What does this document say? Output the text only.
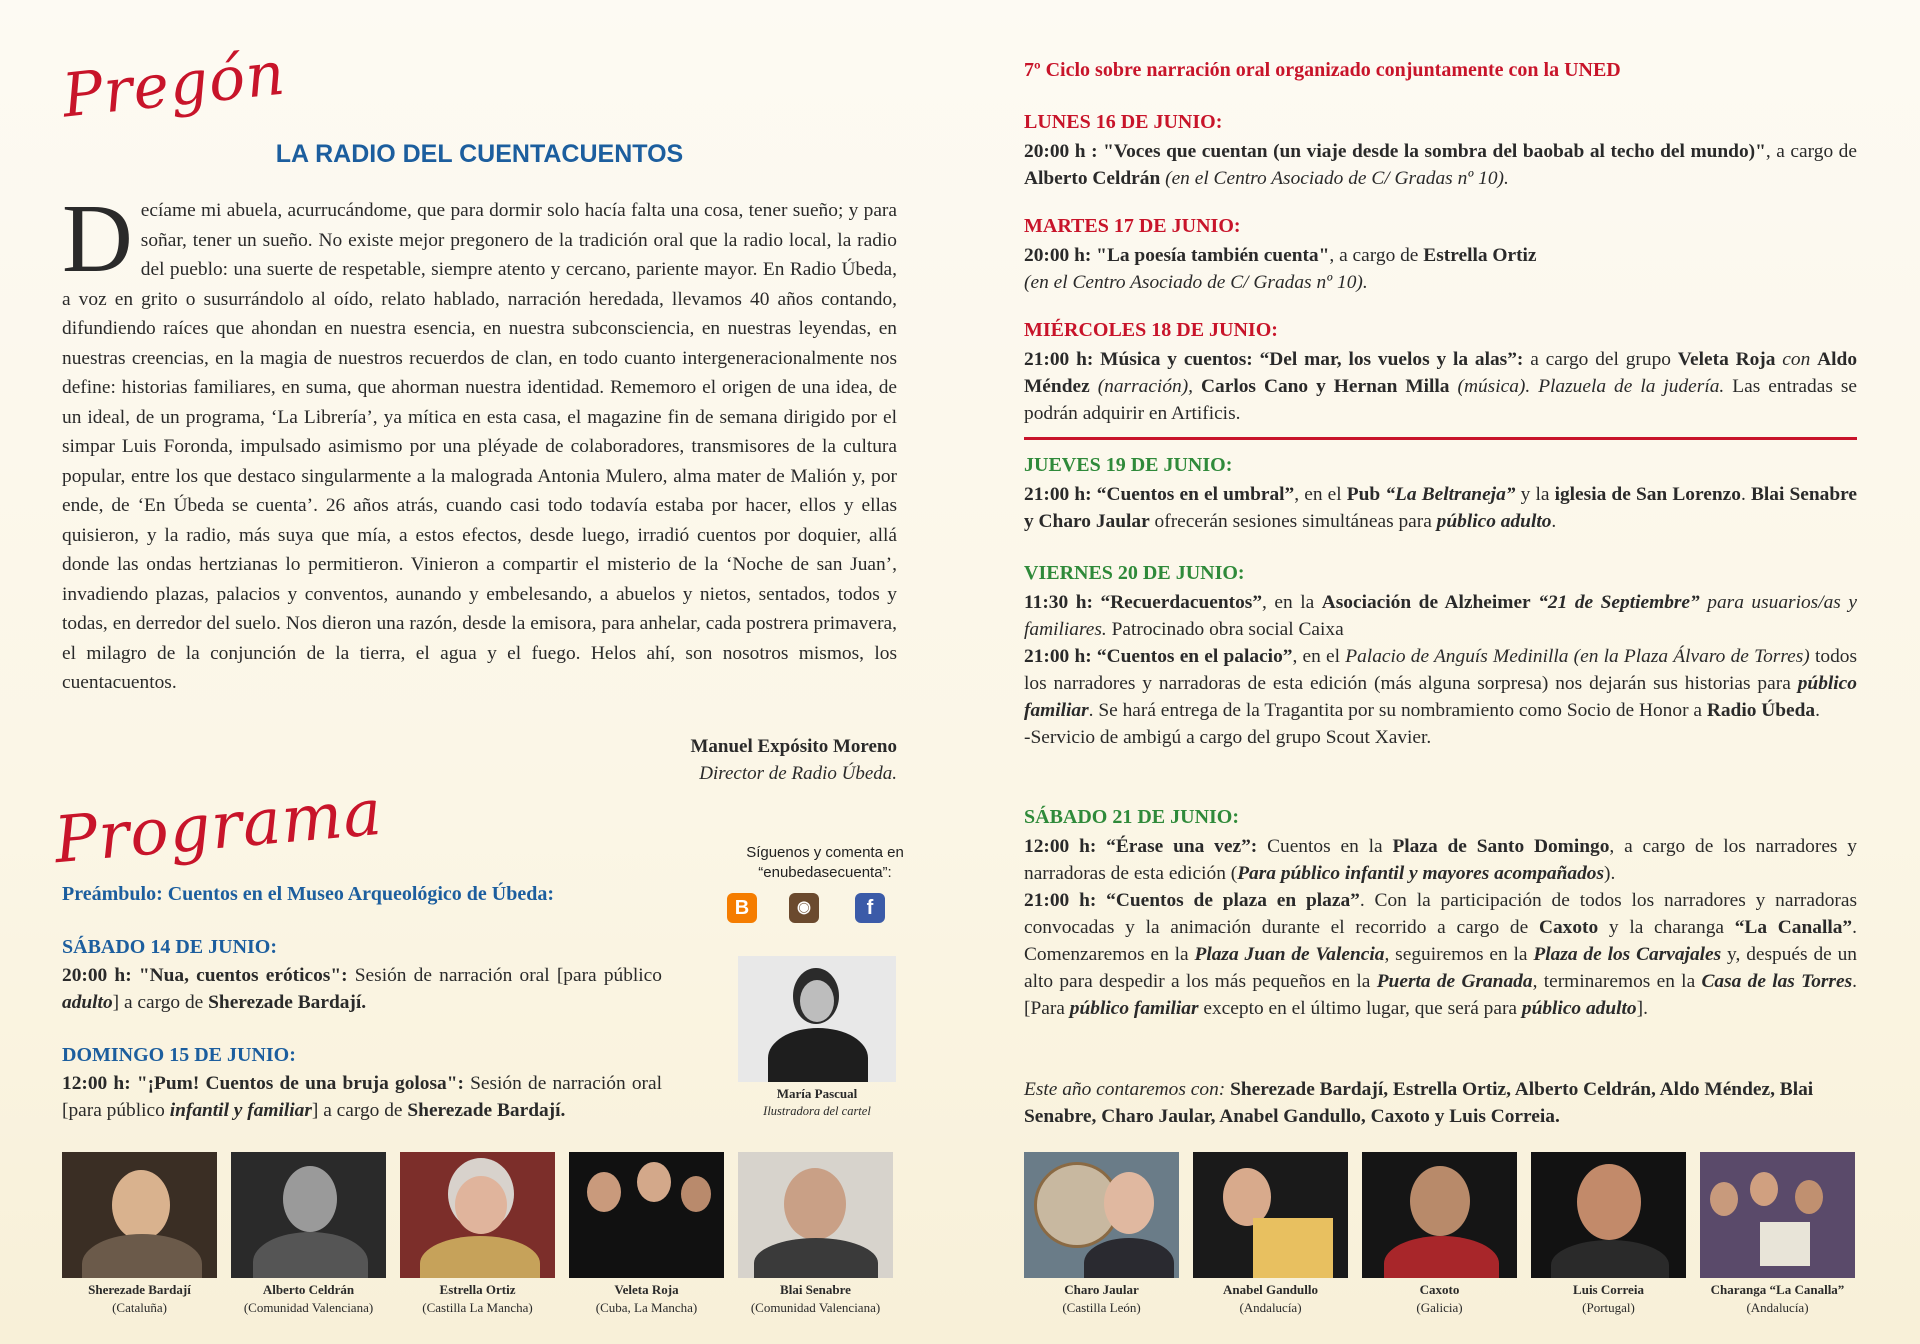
Pregón
LA RADIO DEL CUENTACUENTOS
Decíame mi abuela, acurrucándome, que para dormir solo hacía falta una cosa, tener sueño; y para soñar, tener un sueño. No existe mejor pregonero de la tradición oral que la radio local, la radio del pueblo: una suerte de respetable, siempre atento y cercano, pariente mayor. En Radio Úbeda, a voz en grito o susurrándolo al oído, relato hablado, narración heredada, llevamos 40 años contando, difundiendo raíces que ahondan en nuestra esencia, en nuestra subconsciencia, en nuestras leyendas, en nuestras creencias, en la magia de nuestros recuerdos de clan, en todo cuanto intergeneracionalmente nos define: historias familiares, en suma, que ahorman nuestra identidad. Rememoro el origen de una idea, de un ideal, de un programa, ‘La Librería’, ya mítica en esta casa, el magazine fin de semana dirigido por el simpar Luis Foronda, impulsado asimismo por una pléyade de colaboradores, transmisores de la cultura popular, entre los que destaco singularmente a la malograda Antonia Mulero, alma mater de Malión y, por ende, de ‘En Úbeda se cuenta’. 26 años atrás, cuando casi todo todavía estaba por hacer, ellos y ellas quisieron, y la radio, más suya que mía, a estos efectos, desde luego, irradió cuentos por doquier, allá donde las ondas hertzianas lo permitieron. Vinieron a compartir el misterio de la ‘Noche de san Juan’, invadiendo plazas, palacios y conventos, aunando y embelesando, a abuelos y nietos, sentados, todos y todas, en derredor del suelo. Nos dieron una razón, desde la emisora, para anhelar, cada postrera primavera, el milagro de la conjunción de la tierra, el agua y el fuego. Helos ahí, son nosotros mismos, los cuentacuentos.
Manuel Expósito Moreno
Director de Radio Úbeda.
Programa
Preámbulo: Cuentos en el Museo Arqueológico de Úbeda:
SÁBADO 14 DE JUNIO:
20:00 h: "Nua, cuentos eróticos": Sesión de narración oral [para público adulto] a cargo de Sherezade Bardají.
DOMINGO 15 DE JUNIO:
12:00 h: "¡Pum! Cuentos de una bruja golosa": Sesión de narración oral [para público infantil y familiar] a cargo de Sherezade Bardají.
Síguenos y comenta en “enubedasecuenta”:
B	◉	f
María Pascual
Ilustradora del cartel
Sherezade Bardají
(Cataluña)
Alberto Celdrán
(Comunidad Valenciana)
Estrella Ortiz
(Castilla La Mancha)
Veleta Roja
(Cuba, La Mancha)
Blai Senabre
(Comunidad Valenciana)
7º Ciclo sobre narración oral organizado conjuntamente con la UNED
LUNES 16 DE JUNIO:
20:00 h : "Voces que cuentan (un viaje desde la sombra del baobab al techo del mundo)", a cargo de Alberto Celdrán (en el Centro Asociado de C/ Gradas nº 10).
MARTES 17 DE JUNIO:
20:00 h: "La poesía también cuenta", a cargo de Estrella Ortiz
(en el Centro Asociado de C/ Gradas nº 10).
MIÉRCOLES 18 DE JUNIO:
21:00 h: Música y cuentos: “Del mar, los vuelos y la alas”: a cargo del grupo Veleta Roja con Aldo Méndez (narración), Carlos Cano y Hernan Milla (música). Plazuela de la judería. Las entradas se podrán adquirir en Artificis.
JUEVES 19 DE JUNIO:
21:00 h: “Cuentos en el umbral”, en el Pub “La Beltraneja” y la iglesia de San Lorenzo. Blai Senabre y Charo Jaular ofrecerán sesiones simultáneas para público adulto.
VIERNES 20 DE JUNIO:
11:30 h: “Recuerdacuentos”, en la Asociación de Alzheimer “21 de Septiembre” para usuarios/as y familiares. Patrocinado obra social Caixa
21:00 h: “Cuentos en el palacio”, en el Palacio de Anguís Medinilla (en la Plaza Álvaro de Torres) todos los narradores y narradoras de esta edición (más alguna sorpresa) nos dejarán sus historias para público familiar. Se hará entrega de la Tragantita por su nombramiento como Socio de Honor a Radio Úbeda.
-Servicio de ambigú a cargo del grupo Scout Xavier.
SÁBADO 21 DE JUNIO:
12:00 h: “Érase una vez”: Cuentos en la Plaza de Santo Domingo, a cargo de los narradores y narradoras de esta edición (Para público infantil y mayores acompañados).
21:00 h: “Cuentos de plaza en plaza”. Con la participación de todos los narradores y narradoras convocadas y la animación durante el recorrido a cargo de Caxoto y la charanga “La Canalla”. Comenzaremos en la Plaza Juan de Valencia, seguiremos en la Plaza de los Carvajales y, después de un alto para despedir a los más pequeños en la Puerta de Granada, terminaremos en la Casa de las Torres. [Para público familiar excepto en el último lugar, que será para público adulto].
Este año contaremos con: Sherezade Bardají, Estrella Ortiz, Alberto Celdrán, Aldo Méndez, Blai Senabre, Charo Jaular, Anabel Gandullo, Caxoto y Luis Correia.
Charo Jaular
(Castilla León)
Anabel Gandullo
(Andalucía)
Caxoto
(Galicia)
Luis Correia
(Portugal)
Charanga “La Canalla”
(Andalucía)
